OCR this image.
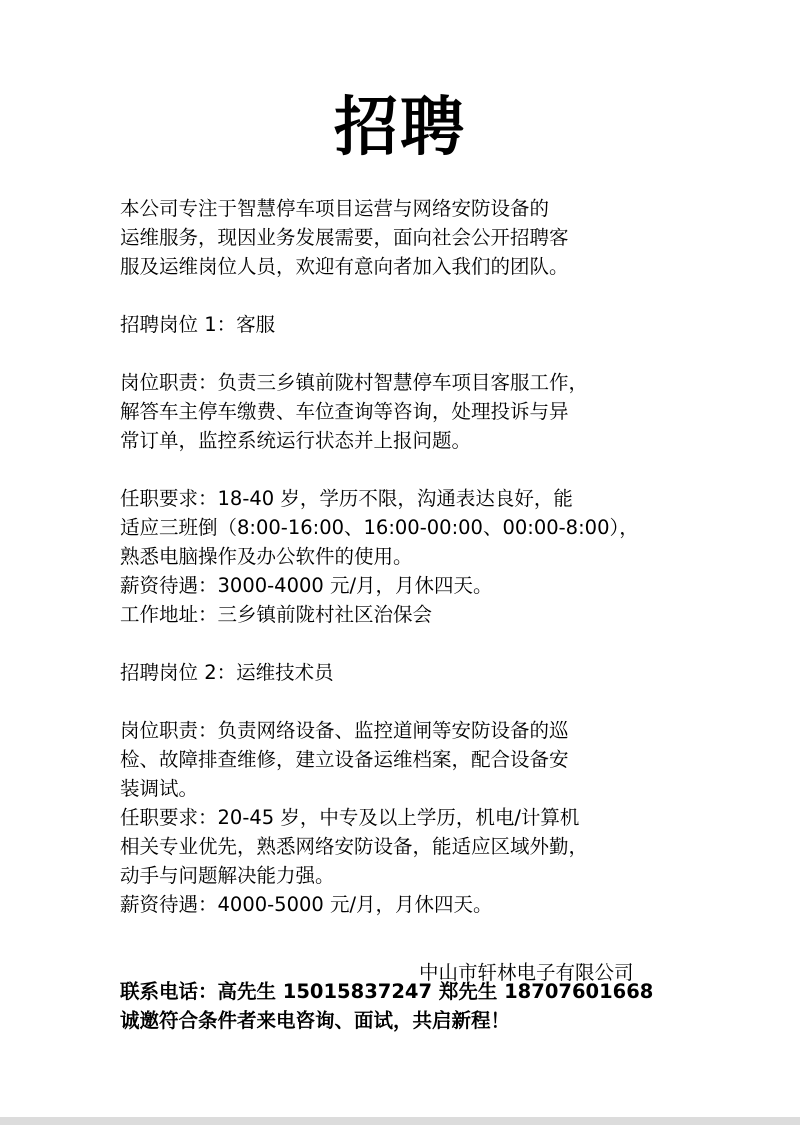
招聘
本公司专注于智慧停车项目运营与网络安防设备的
运维服务，现因业务发展需要，面向社会公开招聘客
服及运维岗位人员，欢迎有意向者加入我们的团队。
招聘岗位 1：客服
岗位职责：负责三乡镇前陇村智慧停车项目客服工作，
解答车主停车缴费、车位查询等咨询，处理投诉与异
常订单，监控系统运行状态并上报问题。
任职要求：18-40 岁，学历不限，沟通表达良好，能
适应三班倒（8:00-16:00、16:00-00:00、00:00-8:00），
熟悉电脑操作及办公软件的使用。
薪资待遇：3000-4000 元/月，月休四天。
工作地址：三乡镇前陇村社区治保会
招聘岗位 2：运维技术员
岗位职责：负责网络设备、监控道闸等安防设备的巡
检、故障排查维修，建立设备运维档案，配合设备安
装调试。
任职要求：20-45 岁，中专及以上学历，机电/计算机
相关专业优先，熟悉网络安防设备，能适应区域外勤，
动手与问题解决能力强。
薪资待遇：4000-5000 元/月，月休四天。
联系电话：高先生 15015837247 郑先生 18707601668
诚邀符合条件者来电咨询、面试，共启新程！
中山市轩林电子有限公司
